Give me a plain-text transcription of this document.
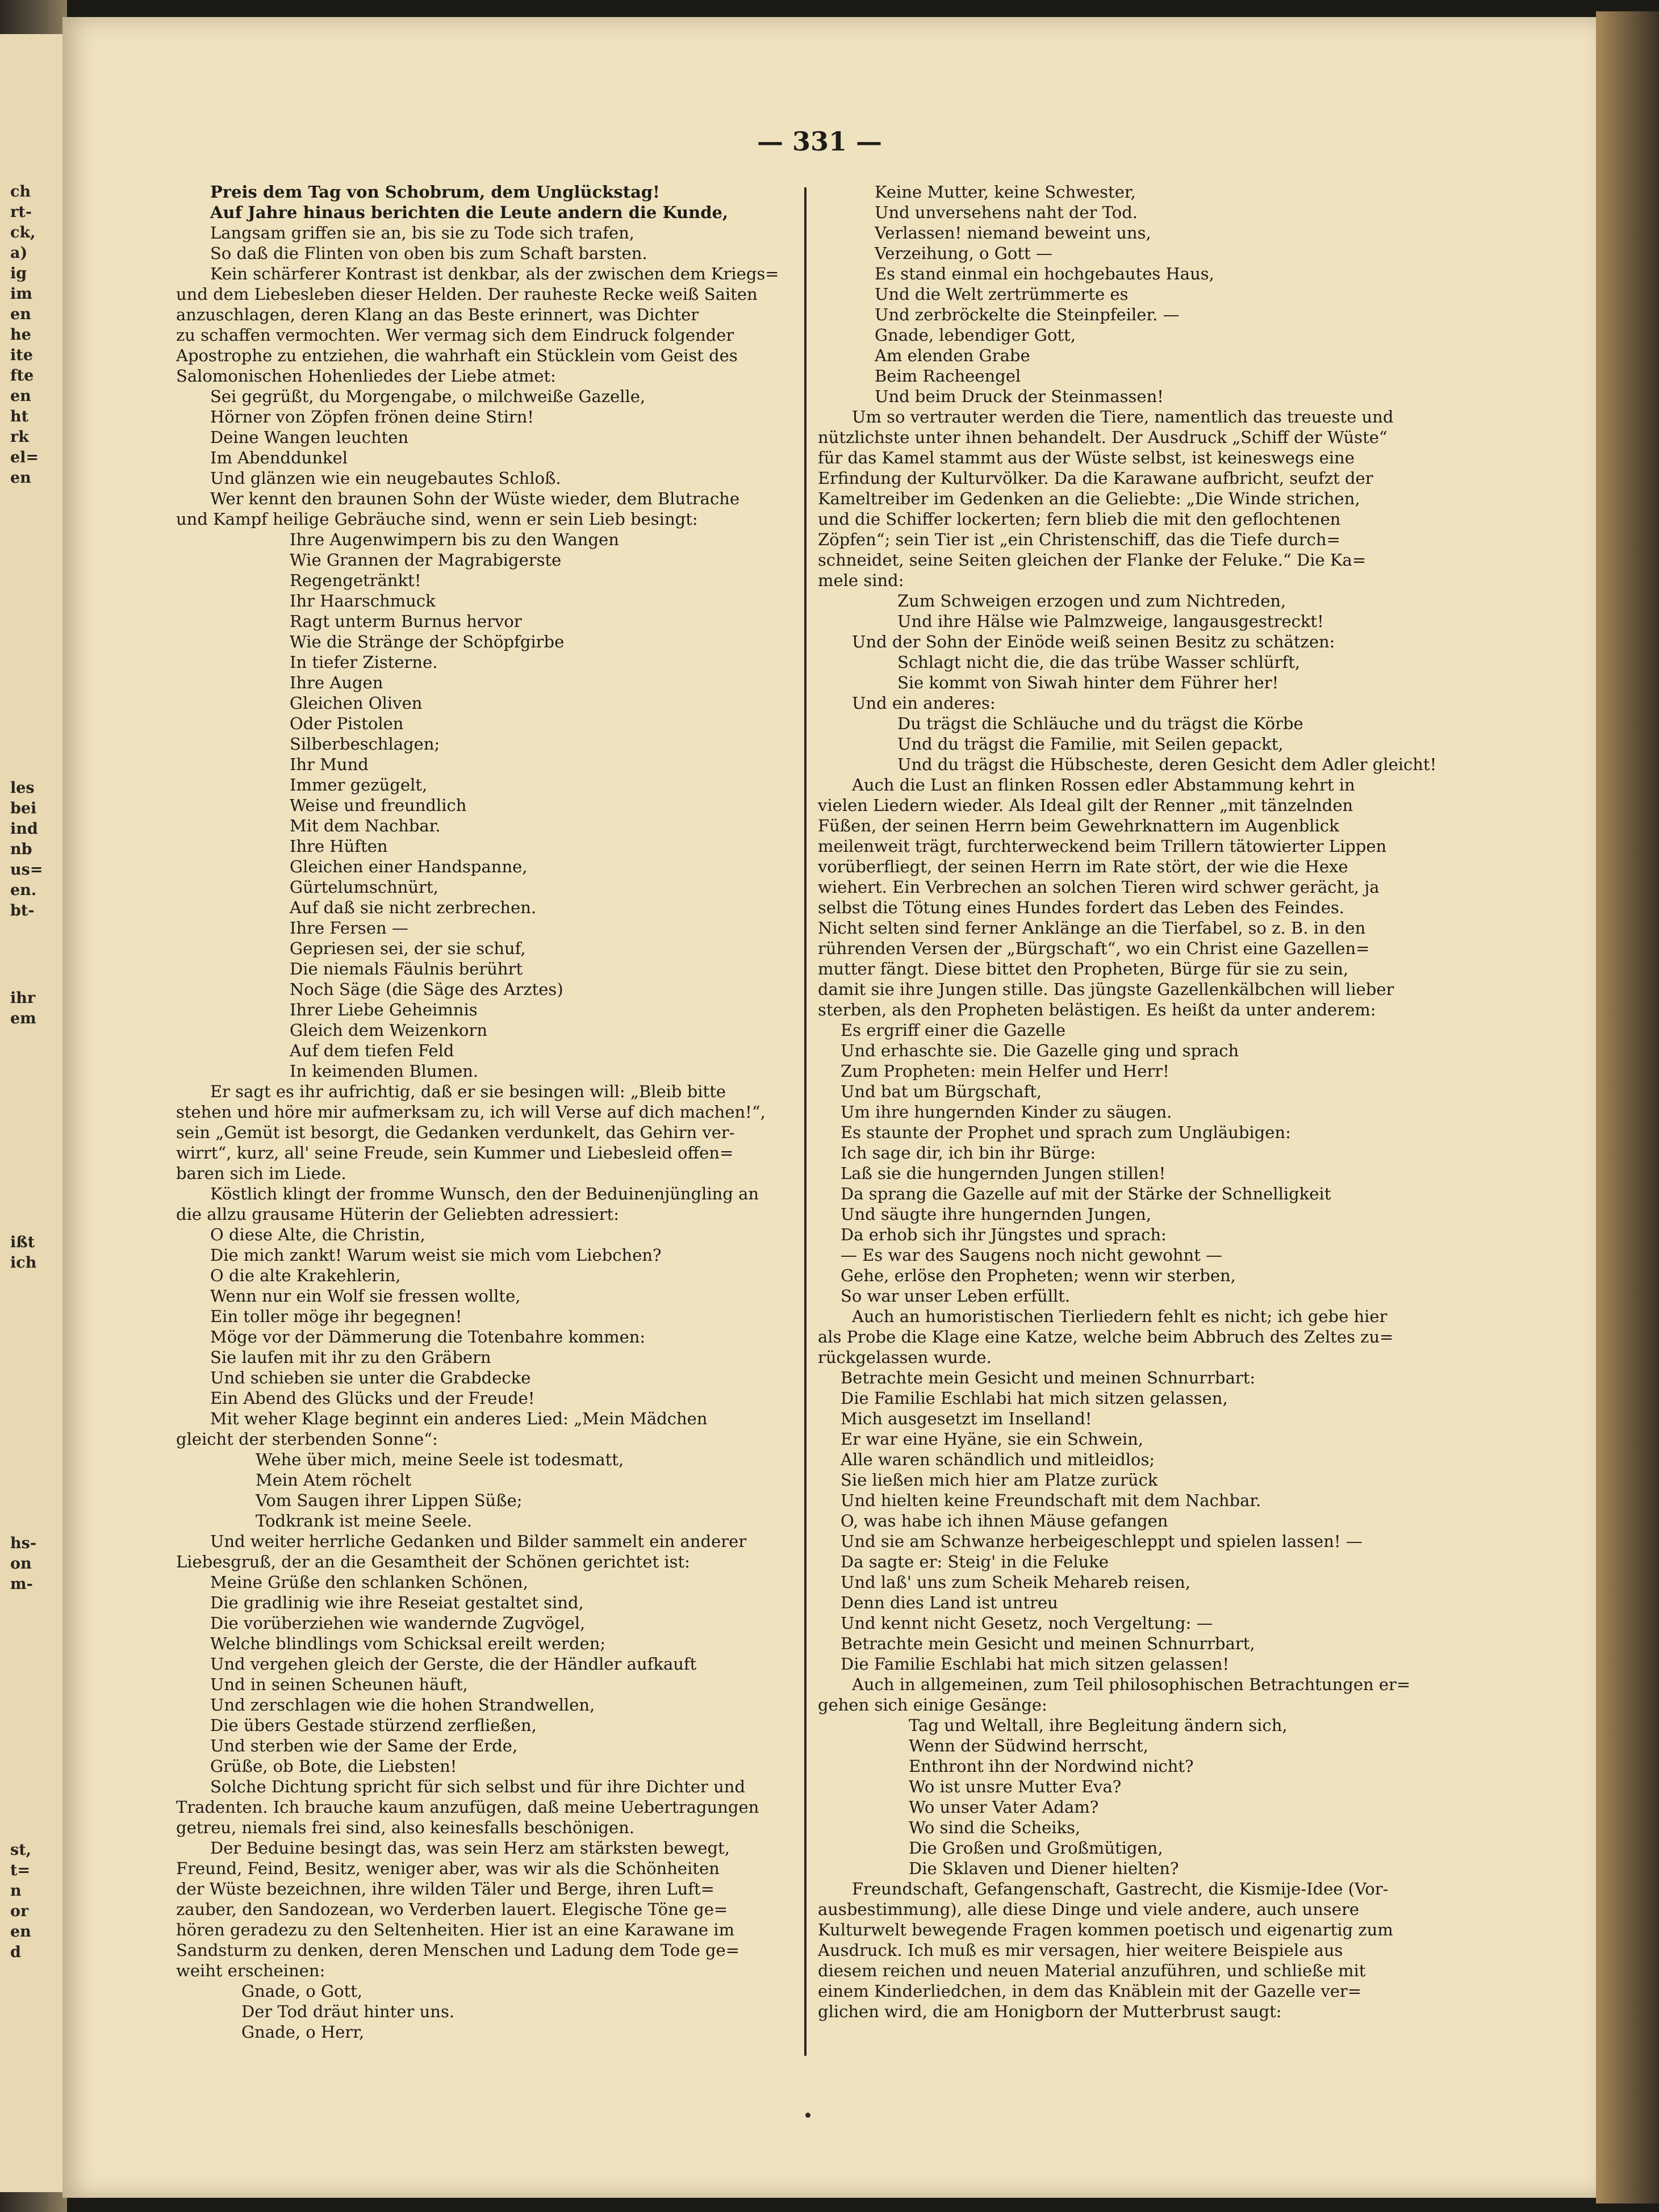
ch
rt-
ck,
a)
ig
im
en
he
ite
fte
en
ht
rk
el=
en
les
bei
ind
nb
us=
en.
bt-
ihr
em
ißt
ich
hs-
on
m-
st,
t=
n
or
en
d
— 331 —
Preis dem Tag von Schobrum, dem Unglückstag!
Auf Jahre hinaus berichten die Leute andern die Kunde,
Langsam griffen sie an, bis sie zu Tode sich trafen,
So daß die Flinten von oben bis zum Schaft barsten.
Kein schärferer Kontrast ist denkbar, als der zwischen dem Kriegs=
und dem Liebesleben dieser Helden. Der rauheste Recke weiß Saiten
anzuschlagen, deren Klang an das Beste erinnert, was Dichter
zu schaffen vermochten. Wer vermag sich dem Eindruck folgender
Apostrophe zu entziehen, die wahrhaft ein Stücklein vom Geist des
Salomonischen Hohenliedes der Liebe atmet:
Sei gegrüßt, du Morgengabe, o milchweiße Gazelle,
Hörner von Zöpfen frönen deine Stirn!
Deine Wangen leuchten
Im Abenddunkel
Und glänzen wie ein neugebautes Schloß.
Wer kennt den braunen Sohn der Wüste wieder, dem Blutrache
und Kampf heilige Gebräuche sind, wenn er sein Lieb besingt:
Ihre Augenwimpern bis zu den Wangen
Wie Grannen der Magrabigerste
Regengetränkt!
Ihr Haarschmuck
Ragt unterm Burnus hervor
Wie die Stränge der Schöpfgirbe
In tiefer Zisterne.
Ihre Augen
Gleichen Oliven
Oder Pistolen
Silberbeschlagen;
Ihr Mund
Immer gezügelt,
Weise und freundlich
Mit dem Nachbar.
Ihre Hüften
Gleichen einer Handspanne,
Gürtelumschnürt,
Auf daß sie nicht zerbrechen.
Ihre Fersen —
Gepriesen sei, der sie schuf,
Die niemals Fäulnis berührt
Noch Säge (die Säge des Arztes)
Ihrer Liebe Geheimnis
Gleich dem Weizenkorn
Auf dem tiefen Feld
In keimenden Blumen.
Er sagt es ihr aufrichtig, daß er sie besingen will: „Bleib bitte
stehen und höre mir aufmerksam zu, ich will Verse auf dich machen!“,
sein „Gemüt ist besorgt, die Gedanken verdunkelt, das Gehirn ver-
wirrt“, kurz, all' seine Freude, sein Kummer und Liebesleid offen=
baren sich im Liede.
Köstlich klingt der fromme Wunsch, den der Beduinenjüngling an
die allzu grausame Hüterin der Geliebten adressiert:
O diese Alte, die Christin,
Die mich zankt! Warum weist sie mich vom Liebchen?
O die alte Krakehlerin,
Wenn nur ein Wolf sie fressen wollte,
Ein toller möge ihr begegnen!
Möge vor der Dämmerung die Totenbahre kommen:
Sie laufen mit ihr zu den Gräbern
Und schieben sie unter die Grabdecke
Ein Abend des Glücks und der Freude!
Mit weher Klage beginnt ein anderes Lied: „Mein Mädchen
gleicht der sterbenden Sonne“:
Wehe über mich, meine Seele ist todesmatt,
Mein Atem röchelt
Vom Saugen ihrer Lippen Süße;
Todkrank ist meine Seele.
Und weiter herrliche Gedanken und Bilder sammelt ein anderer
Liebesgruß, der an die Gesamtheit der Schönen gerichtet ist:
Meine Grüße den schlanken Schönen,
Die gradlinig wie ihre Reseiat gestaltet sind,
Die vorüberziehen wie wandernde Zugvögel,
Welche blindlings vom Schicksal ereilt werden;
Und vergehen gleich der Gerste, die der Händler aufkauft
Und in seinen Scheunen häuft,
Und zerschlagen wie die hohen Strandwellen,
Die übers Gestade stürzend zerfließen,
Und sterben wie der Same der Erde,
Grüße, ob Bote, die Liebsten!
Solche Dichtung spricht für sich selbst und für ihre Dichter und
Tradenten. Ich brauche kaum anzufügen, daß meine Uebertragungen
getreu, niemals frei sind, also keinesfalls beschönigen.
Der Beduine besingt das, was sein Herz am stärksten bewegt,
Freund, Feind, Besitz, weniger aber, was wir als die Schönheiten
der Wüste bezeichnen, ihre wilden Täler und Berge, ihren Luft=
zauber, den Sandozean, wo Verderben lauert. Elegische Töne ge=
hören geradezu zu den Seltenheiten. Hier ist an eine Karawane im
Sandsturm zu denken, deren Menschen und Ladung dem Tode ge=
weiht erscheinen:
Gnade, o Gott,
Der Tod dräut hinter uns.
Gnade, o Herr,
Keine Mutter, keine Schwester,
Und unversehens naht der Tod.
Verlassen! niemand beweint uns,
Verzeihung, o Gott —
Es stand einmal ein hochgebautes Haus,
Und die Welt zertrümmerte es
Und zerbröckelte die Steinpfeiler. —
Gnade, lebendiger Gott,
Am elenden Grabe
Beim Racheengel
Und beim Druck der Steinmassen!
Um so vertrauter werden die Tiere, namentlich das treueste und
nützlichste unter ihnen behandelt. Der Ausdruck „Schiff der Wüste“
für das Kamel stammt aus der Wüste selbst, ist keineswegs eine
Erfindung der Kulturvölker. Da die Karawane aufbricht, seufzt der
Kameltreiber im Gedenken an die Geliebte: „Die Winde strichen,
und die Schiffer lockerten; fern blieb die mit den geflochtenen
Zöpfen“; sein Tier ist „ein Christenschiff, das die Tiefe durch=
schneidet, seine Seiten gleichen der Flanke der Feluke.“ Die Ka=
mele sind:
Zum Schweigen erzogen und zum Nichtreden,
Und ihre Hälse wie Palmzweige, langausgestreckt!
Und der Sohn der Einöde weiß seinen Besitz zu schätzen:
Schlagt nicht die, die das trübe Wasser schlürft,
Sie kommt von Siwah hinter dem Führer her!
Und ein anderes:
Du trägst die Schläuche und du trägst die Körbe
Und du trägst die Familie, mit Seilen gepackt,
Und du trägst die Hübscheste, deren Gesicht dem Adler gleicht!
Auch die Lust an flinken Rossen edler Abstammung kehrt in
vielen Liedern wieder. Als Ideal gilt der Renner „mit tänzelnden
Füßen, der seinen Herrn beim Gewehrknattern im Augenblick
meilenweit trägt, furchterweckend beim Trillern tätowierter Lippen
vorüberfliegt, der seinen Herrn im Rate stört, der wie die Hexe
wiehert. Ein Verbrechen an solchen Tieren wird schwer gerächt, ja
selbst die Tötung eines Hundes fordert das Leben des Feindes.
Nicht selten sind ferner Anklänge an die Tierfabel, so z. B. in den
rührenden Versen der „Bürgschaft“, wo ein Christ eine Gazellen=
mutter fängt. Diese bittet den Propheten, Bürge für sie zu sein,
damit sie ihre Jungen stille. Das jüngste Gazellenkälbchen will lieber
sterben, als den Propheten belästigen. Es heißt da unter anderem:
Es ergriff einer die Gazelle
Und erhaschte sie. Die Gazelle ging und sprach
Zum Propheten: mein Helfer und Herr!
Und bat um Bürgschaft,
Um ihre hungernden Kinder zu säugen.
Es staunte der Prophet und sprach zum Ungläubigen:
Ich sage dir, ich bin ihr Bürge:
Laß sie die hungernden Jungen stillen!
Da sprang die Gazelle auf mit der Stärke der Schnelligkeit
Und säugte ihre hungernden Jungen,
Da erhob sich ihr Jüngstes und sprach:
— Es war des Saugens noch nicht gewohnt —
Gehe, erlöse den Propheten; wenn wir sterben,
So war unser Leben erfüllt.
Auch an humoristischen Tierliedern fehlt es nicht; ich gebe hier
als Probe die Klage eine Katze, welche beim Abbruch des Zeltes zu=
rückgelassen wurde.
Betrachte mein Gesicht und meinen Schnurrbart:
Die Familie Eschlabi hat mich sitzen gelassen,
Mich ausgesetzt im Inselland!
Er war eine Hyäne, sie ein Schwein,
Alle waren schändlich und mitleidlos;
Sie ließen mich hier am Platze zurück
Und hielten keine Freundschaft mit dem Nachbar.
O, was habe ich ihnen Mäuse gefangen
Und sie am Schwanze herbeigeschleppt und spielen lassen! —
Da sagte er: Steig' in die Feluke
Und laß' uns zum Scheik Mehareb reisen,
Denn dies Land ist untreu
Und kennt nicht Gesetz, noch Vergeltung: —
Betrachte mein Gesicht und meinen Schnurrbart,
Die Familie Eschlabi hat mich sitzen gelassen!
Auch in allgemeinen, zum Teil philosophischen Betrachtungen er=
gehen sich einige Gesänge:
Tag und Weltall, ihre Begleitung ändern sich,
Wenn der Südwind herrscht,
Enthront ihn der Nordwind nicht?
Wo ist unsre Mutter Eva?
Wo unser Vater Adam?
Wo sind die Scheiks,
Die Großen und Großmütigen,
Die Sklaven und Diener hielten?
Freundschaft, Gefangenschaft, Gastrecht, die Kismije-Idee (Vor-
ausbestimmung), alle diese Dinge und viele andere, auch unsere
Kulturwelt bewegende Fragen kommen poetisch und eigenartig zum
Ausdruck. Ich muß es mir versagen, hier weitere Beispiele aus
diesem reichen und neuen Material anzuführen, und schließe mit
einem Kinderliedchen, in dem das Knäblein mit der Gazelle ver=
glichen wird, die am Honigborn der Mutterbrust saugt:
